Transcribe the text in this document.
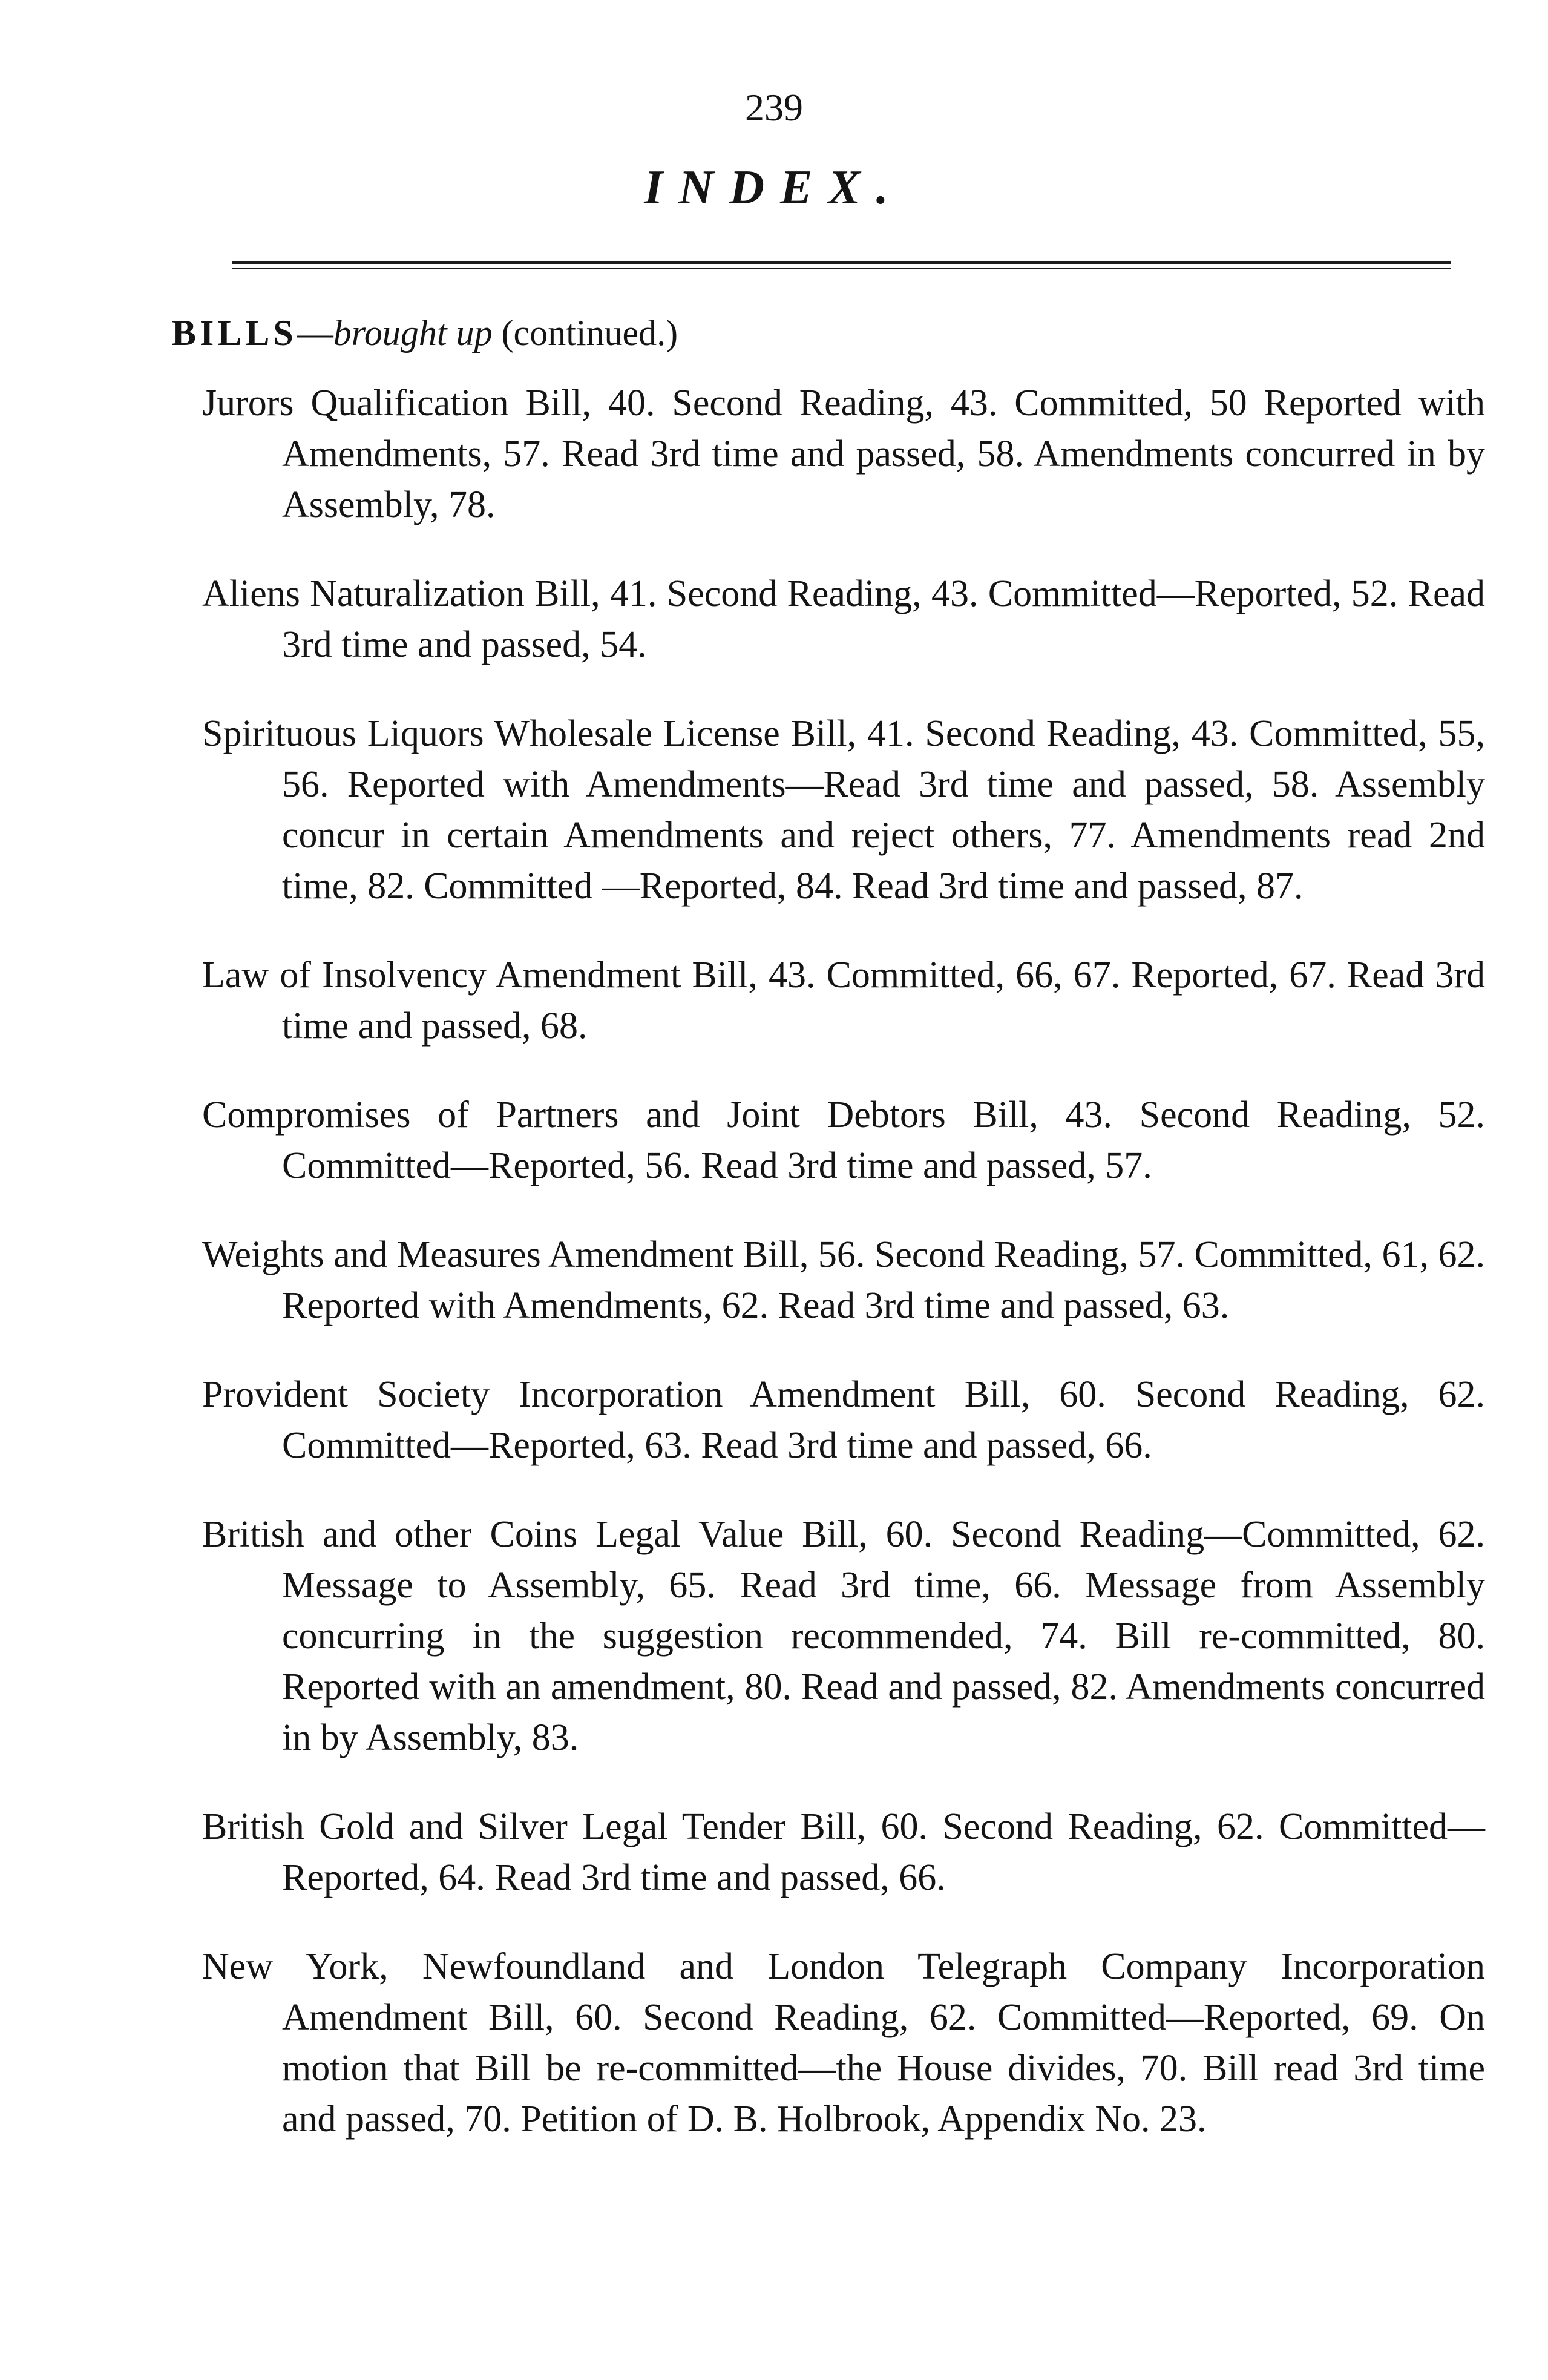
239
INDEX.
BILLS—brought up (continued.)

Jurors Qualification Bill, 40. Second Reading, 43. Committed, 50 Reported with Amendments, 57. Read 3rd time and passed, 58. Amendments concurred in by Assembly, 78.

Aliens Naturalization Bill, 41. Second Reading, 43. Committed—Reported, 52. Read 3rd time and passed, 54.

Spirituous Liquors Wholesale License Bill, 41. Second Reading, 43. Committed, 55, 56. Reported with Amendments—Read 3rd time and passed, 58. Assembly concur in certain Amendments and reject others, 77. Amendments read 2nd time, 82. Committed —Reported, 84. Read 3rd time and passed, 87.

Law of Insolvency Amendment Bill, 43. Committed, 66, 67. Reported, 67. Read 3rd time and passed, 68.

Compromises of Partners and Joint Debtors Bill, 43. Second Reading, 52. Committed—Reported, 56. Read 3rd time and passed, 57.

Weights and Measures Amendment Bill, 56. Second Reading, 57. Committed, 61, 62. Reported with Amendments, 62. Read 3rd time and passed, 63.

Provident Society Incorporation Amendment Bill, 60. Second Reading, 62. Committed—Reported, 63. Read 3rd time and passed, 66.

British and other Coins Legal Value Bill, 60. Second Reading—Committed, 62. Message to Assembly, 65. Read 3rd time, 66. Message from Assembly concurring in the suggestion recommended, 74. Bill re-committed, 80. Reported with an amendment, 80. Read and passed, 82. Amendments concurred in by Assembly, 83.

British Gold and Silver Legal Tender Bill, 60. Second Reading, 62. Committed—Reported, 64. Read 3rd time and passed, 66.

New York, Newfoundland and London Telegraph Company Incorporation Amendment Bill, 60. Second Reading, 62. Committed—Reported, 69. On motion that Bill be re-committed—the House divides, 70. Bill read 3rd time and passed, 70. Petition of D. B. Holbrook, Appendix No. 23.
